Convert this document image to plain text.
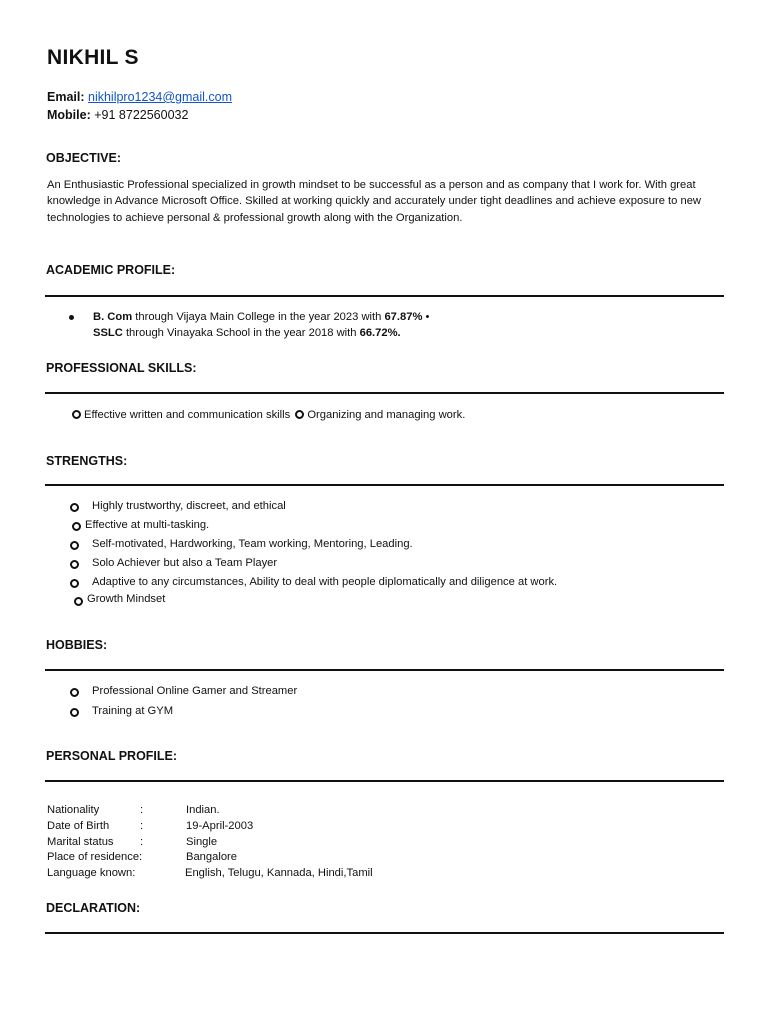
NIKHIL S
Email: nikhilpro1234@gmail.com
Mobile: +91 8722560032
OBJECTIVE:
An Enthusiastic Professional specialized in growth mindset to be successful as a person and as company that I work for. With great knowledge in Advance Microsoft Office. Skilled at working quickly and accurately under tight deadlines and achieve exposure to new technologies to achieve personal & professional growth along with the Organization.
ACADEMIC PROFILE:
B. Com through Vijaya Main College in the year 2023 with 67.87% •
SSLC through Vinayaka School in the year 2018 with 66.72%.
PROFESSIONAL SKILLS:
Effective written and communication skills Organizing and managing work.
STRENGTHS:
Highly trustworthy, discreet, and ethical
Effective at multi-tasking.
Self-motivated, Hardworking, Team working, Mentoring, Leading.
Solo Achiever but also a Team Player
Adaptive to any circumstances, Ability to deal with people diplomatically and diligence at work.
Growth Mindset
HOBBIES:
Professional Online Gamer and Streamer
Training at GYM
PERSONAL PROFILE:
Nationality	:	Indian.
Date of Birth	:	19-April-2003
Marital status :	Single
Place of residence:	Bangalore
Language known:	English, Telugu, Kannada, Hindi,Tamil
DECLARATION:
